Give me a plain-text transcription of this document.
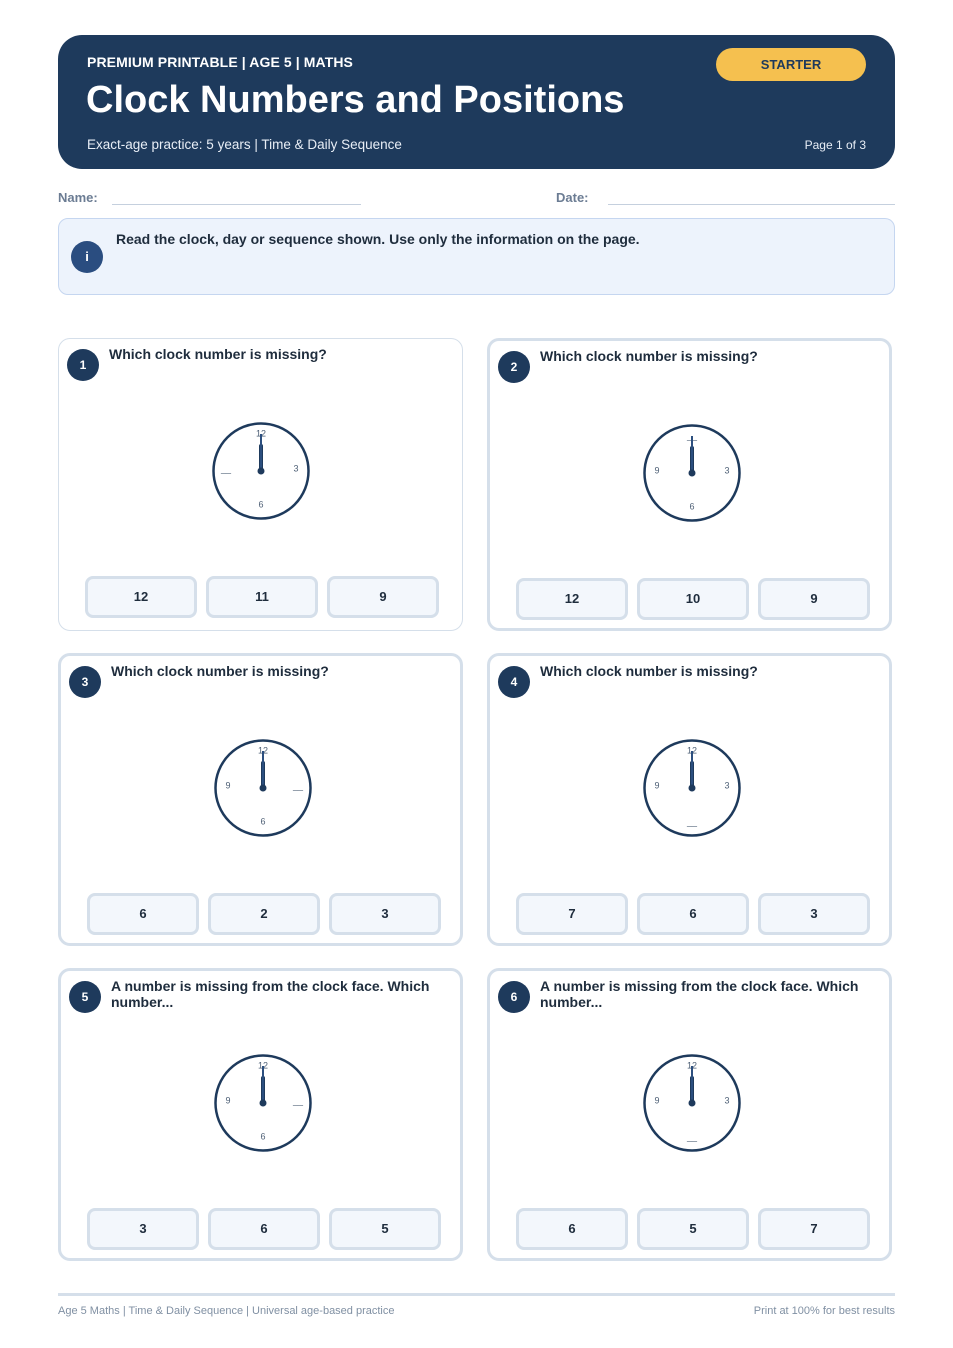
PREMIUM PRINTABLE | AGE 5 | MATHS
Clock Numbers and Positions
Exact-age practice: 5 years | Time & Daily Sequence	Page 1 of 3
STARTER
Name:	Date:
i
Read the clock, day or sequence shown. Use only the information on the page.
1
Which clock number is missing?
12
3
6
__
12	11	9
2
Which clock number is missing?
__
3
6
9
12	10	9
3
Which clock number is missing?
12
__
6
9
6	2	3
4
Which clock number is missing?
12
3
__
9
7	6	3
5
A number is missing from the clock face. Which number...
12
__
6
9
3	6	5
6
A number is missing from the clock face. Which number...
12
3
__
9
6	5	7
Age 5 Maths | Time & Daily Sequence | Universal age-based practice	Print at 100% for best results
